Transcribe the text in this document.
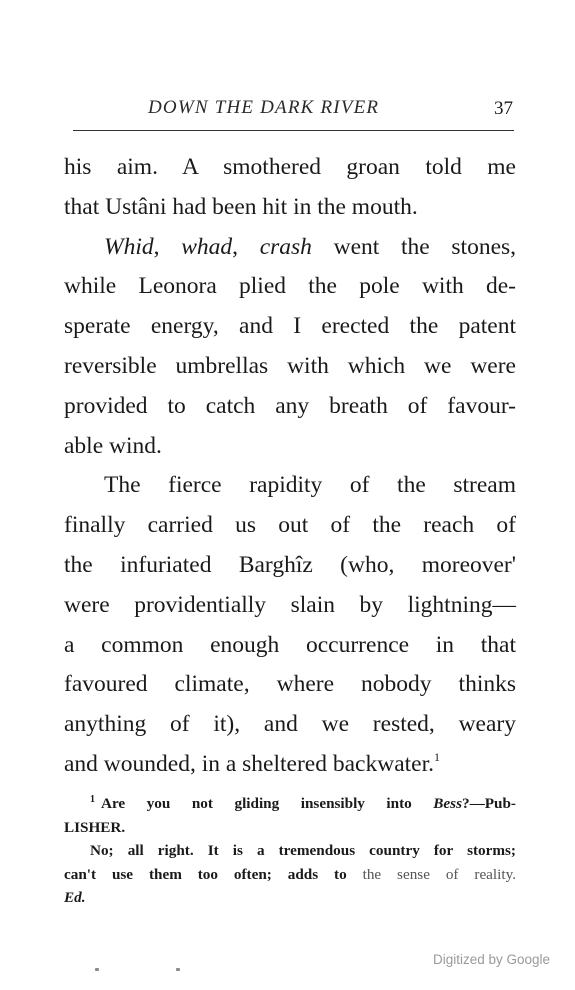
DOWN THE DARK RIVER	37
his aim. A smothered groan told me
that Ustâni had been hit in the mouth.
Whid, whad, crash went the stones,
while Leonora plied the pole with de-
sperate energy, and I erected the patent
reversible umbrellas with which we were
provided to catch any breath of favour-
able wind.
The fierce rapidity of the stream
finally carried us out of the reach of
the infuriated Barghîz (who, moreover'
were providentially slain by lightning—
a common enough occurrence in that
favoured climate, where nobody thinks
anything of it), and we rested, weary
and wounded, in a sheltered backwater.$^1$
$^1$ Are you not gliding insensibly into Bess?—Pub-
LISHER.
No; all right. It is a tremendous country for storms;
can't use them too often; adds to the sense of reality.
Ed.
Digitized by Google
